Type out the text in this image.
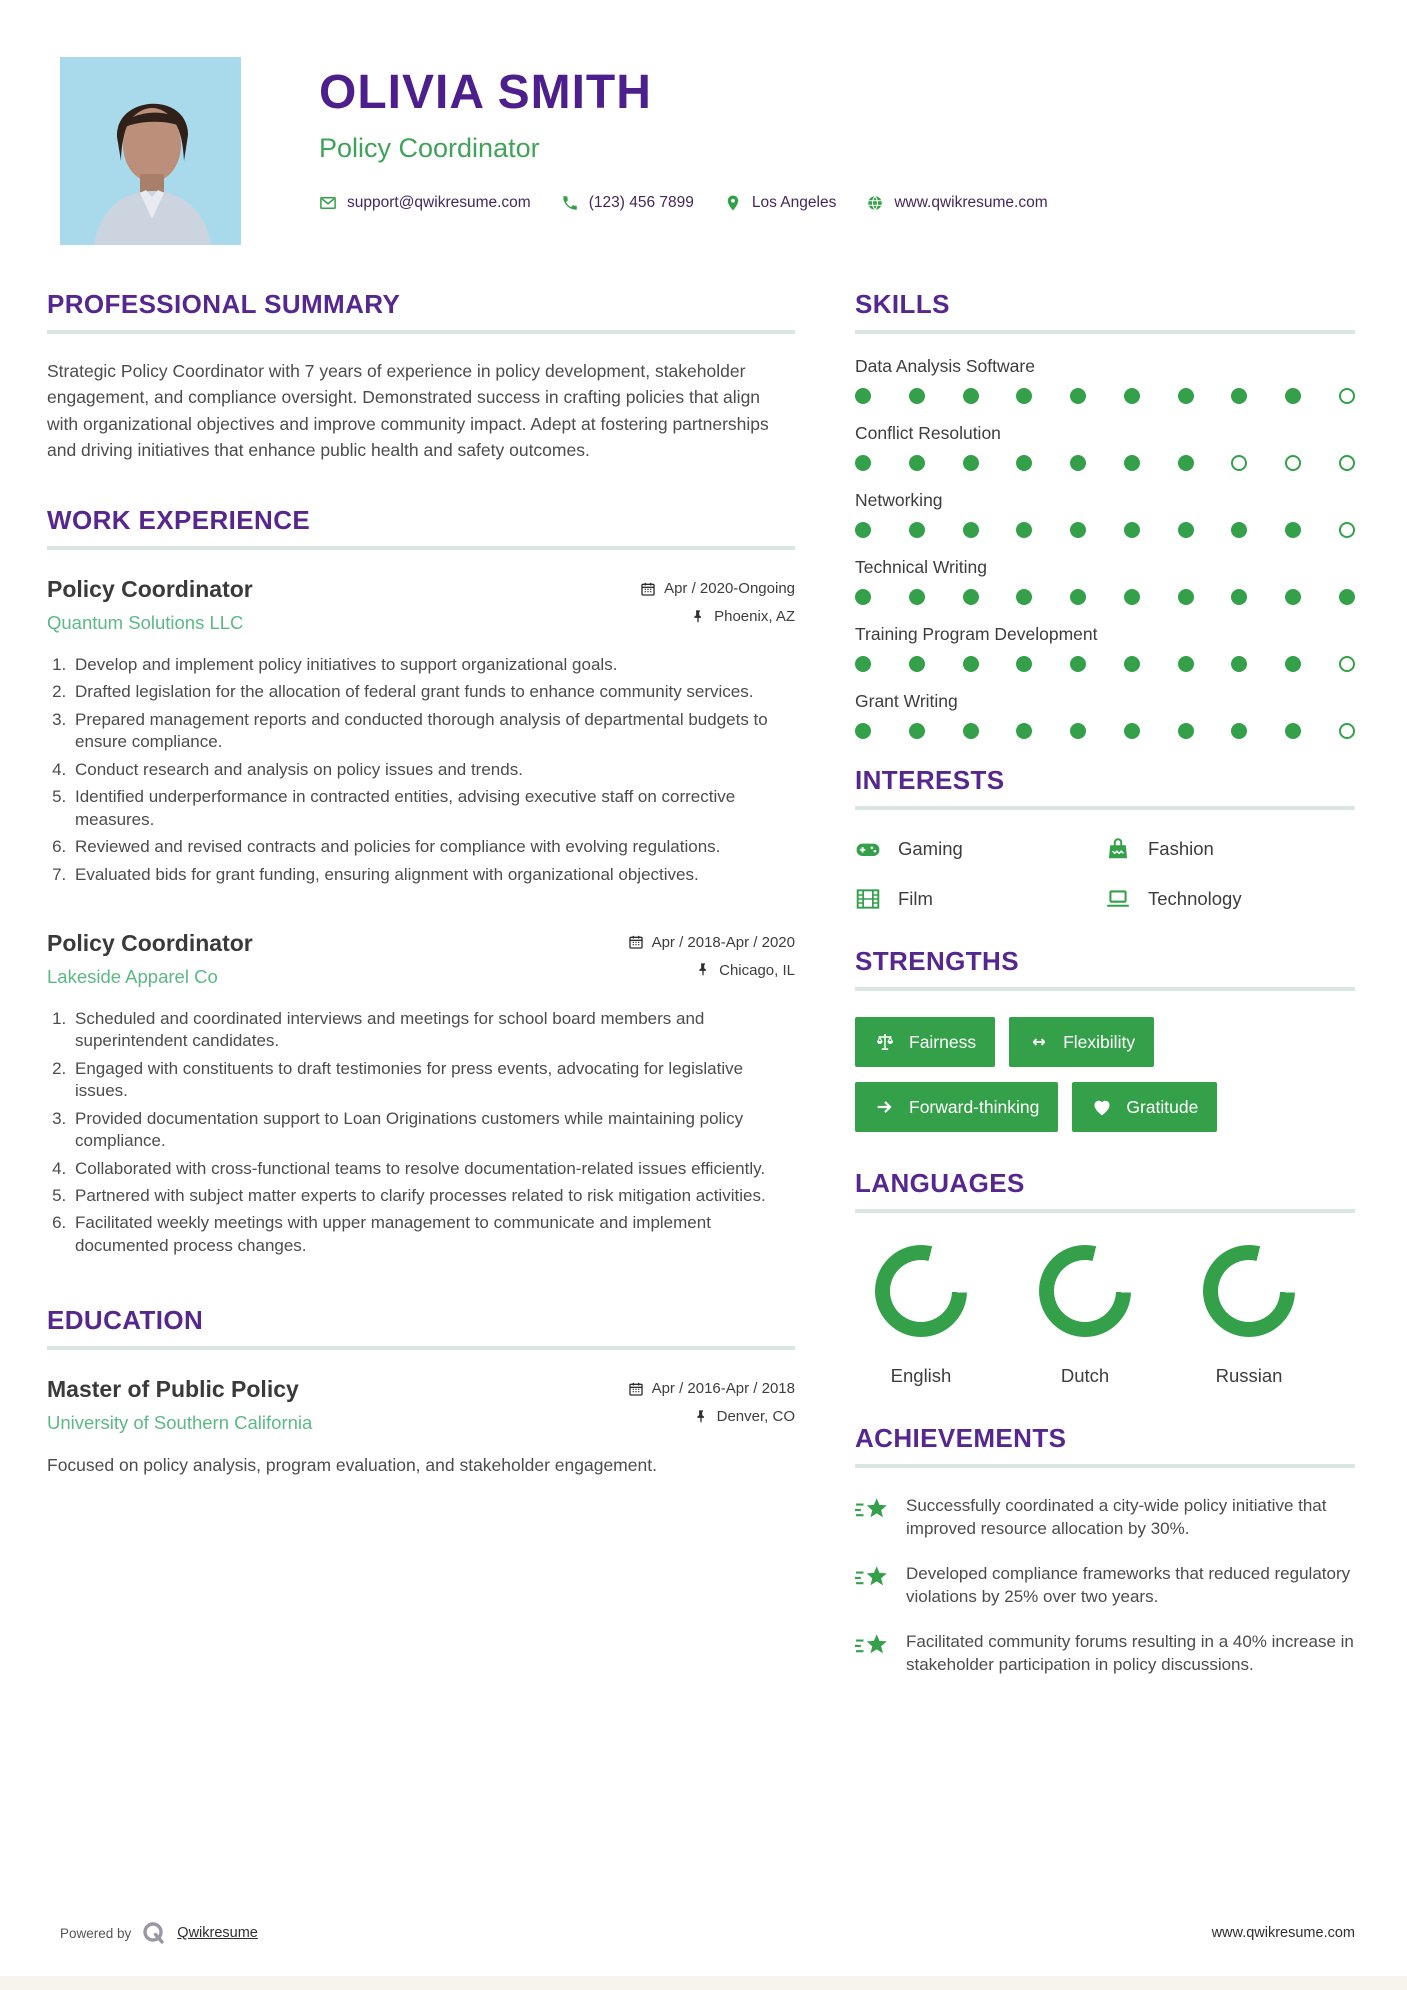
OLIVIA SMITH
Policy Coordinator
support@qwikresume.com	(123) 456 7899	Los Angeles	www.qwikresume.com
PROFESSIONAL SUMMARY
Strategic Policy Coordinator with 7 years of experience in policy development, stakeholder engagement, and compliance oversight. Demonstrated success in crafting policies that align with organizational objectives and improve community impact. Adept at fostering partnerships and driving initiatives that enhance public health and safety outcomes.
WORK EXPERIENCE
Policy Coordinator
Quantum Solutions LLC
Apr / 2020-Ongoing
Phoenix, AZ
1. Develop and implement policy initiatives to support organizational goals.
2. Drafted legislation for the allocation of federal grant funds to enhance community services.
3. Prepared management reports and conducted thorough analysis of departmental budgets to ensure compliance.
4. Conduct research and analysis on policy issues and trends.
5. Identified underperformance in contracted entities, advising executive staff on corrective measures.
6. Reviewed and revised contracts and policies for compliance with evolving regulations.
7. Evaluated bids for grant funding, ensuring alignment with organizational objectives.
Policy Coordinator
Lakeside Apparel Co
Apr / 2018-Apr / 2020
Chicago, IL
1. Scheduled and coordinated interviews and meetings for school board members and superintendent candidates.
2. Engaged with constituents to draft testimonies for press events, advocating for legislative issues.
3. Provided documentation support to Loan Originations customers while maintaining policy compliance.
4. Collaborated with cross-functional teams to resolve documentation-related issues efficiently.
5. Partnered with subject matter experts to clarify processes related to risk mitigation activities.
6. Facilitated weekly meetings with upper management to communicate and implement documented process changes.
EDUCATION
Master of Public Policy
University of Southern California
Apr / 2016-Apr / 2018
Denver, CO
Focused on policy analysis, program evaluation, and stakeholder engagement.
SKILLS
Data Analysis Software
Conflict Resolution
Networking
Technical Writing
Training Program Development
Grant Writing
INTERESTS
Gaming	Fashion
Film	Technology
STRENGTHS
Fairness	Flexibility
Forward-thinking	Gratitude
LANGUAGES
English	Dutch	Russian
ACHIEVEMENTS
Successfully coordinated a city-wide policy initiative that improved resource allocation by 30%.
Developed compliance frameworks that reduced regulatory violations by 25% over two years.
Facilitated community forums resulting in a 40% increase in stakeholder participation in policy discussions.
Powered by	Qwikresume	www.qwikresume.com
